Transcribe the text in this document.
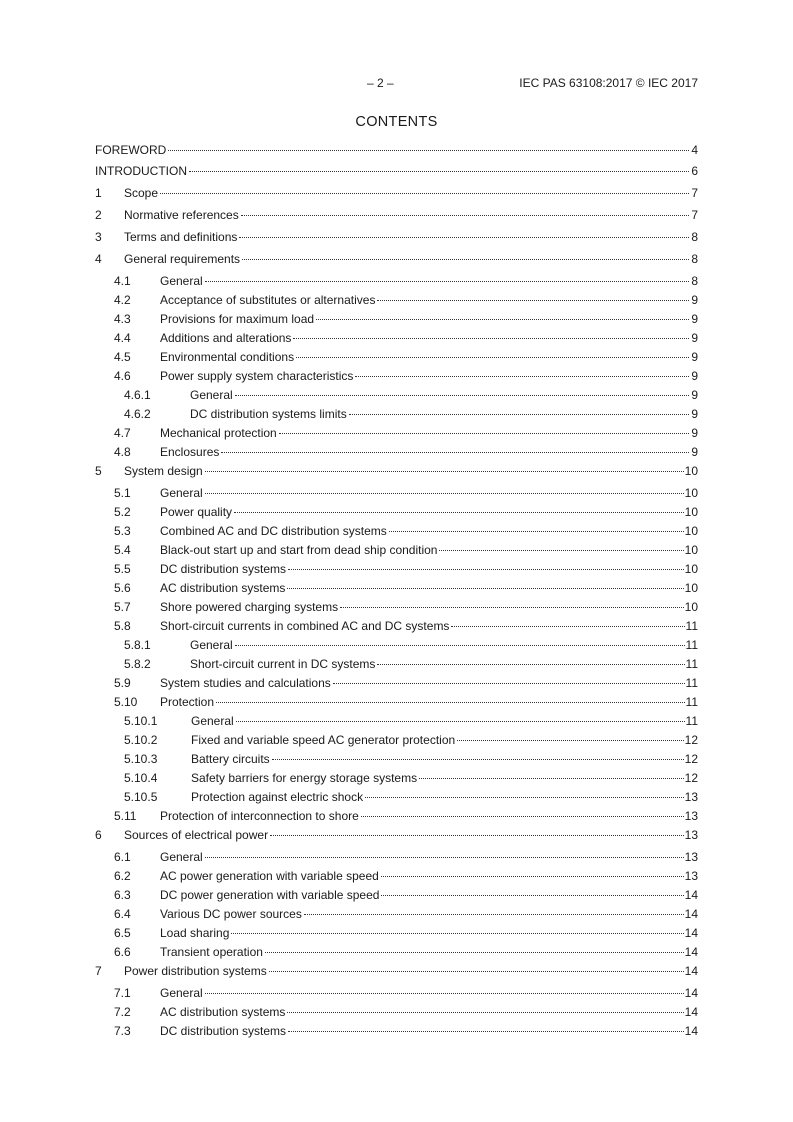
– 2 –	IEC PAS 63108:2017 © IEC 2017
CONTENTS
FOREWORD	4
INTRODUCTION	6
1	Scope	7
2	Normative references	7
3	Terms and definitions	8
4	General requirements	8
4.1	General	8
4.2	Acceptance of substitutes or alternatives	9
4.3	Provisions for maximum load	9
4.4	Additions and alterations	9
4.5	Environmental conditions	9
4.6	Power supply system characteristics	9
4.6.1	General	9
4.6.2	DC distribution systems limits	9
4.7	Mechanical protection	9
4.8	Enclosures	9
5	System design	10
5.1	General	10
5.2	Power quality	10
5.3	Combined AC and DC distribution systems	10
5.4	Black-out start up and start from dead ship condition	10
5.5	DC distribution systems	10
5.6	AC distribution systems	10
5.7	Shore powered charging systems	10
5.8	Short-circuit currents in combined AC and DC systems	11
5.8.1	General	11
5.8.2	Short-circuit current in DC systems	11
5.9	System studies and calculations	11
5.10	Protection	11
5.10.1	General	11
5.10.2	Fixed and variable speed AC generator protection	12
5.10.3	Battery circuits	12
5.10.4	Safety barriers for energy storage systems	12
5.10.5	Protection against electric shock	13
5.11	Protection of interconnection to shore	13
6	Sources of electrical power	13
6.1	General	13
6.2	AC power generation with variable speed	13
6.3	DC power generation with variable speed	14
6.4	Various DC power sources	14
6.5	Load sharing	14
6.6	Transient operation	14
7	Power distribution systems	14
7.1	General	14
7.2	AC distribution systems	14
7.3	DC distribution systems	14
